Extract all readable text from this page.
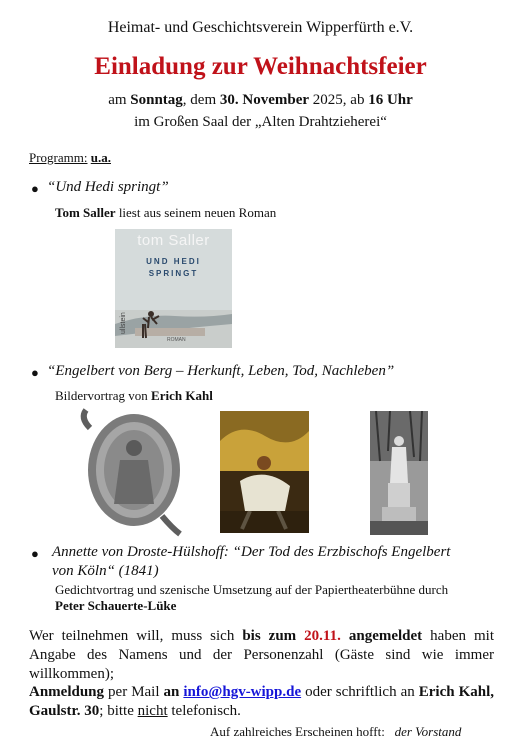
Heimat- und Geschichtsverein Wipperfürth e.V.
Einladung zur Weihnachtsfeier
am Sonntag, dem 30. November 2025, ab 16 Uhr
im Großen Saal der „Alten Drahtzieherei“
Programm: u.a.
● “Und Hedi springt”
Tom Saller liest aus seinem neuen Roman
tom Saller
UND HEDI
SPRINGT
ullstein
ROMAN
● “Engelbert von Berg – Herkunft, Leben, Tod, Nachleben”
Bildervortrag von Erich Kahl
● Annette von Droste-Hülshoff: “Der Tod des Erzbischofs Engelbert
von Köln“ (1841)
Gedichtvortrag und szenische Umsetzung auf der Papiertheaterbühne durch
Peter Schauerte-Lüke
Wer teilnehmen will, muss sich bis zum 20.11. angemeldet haben mit Angabe des Namens und der Personenzahl (Gäste sind wie immer willkommen);
Anmeldung per Mail an info@hgv-wipp.de oder schriftlich an Erich Kahl, Gaulstr. 30; bitte nicht telefonisch.
Auf zahlreiches Erscheinen hofft: der Vorstand
